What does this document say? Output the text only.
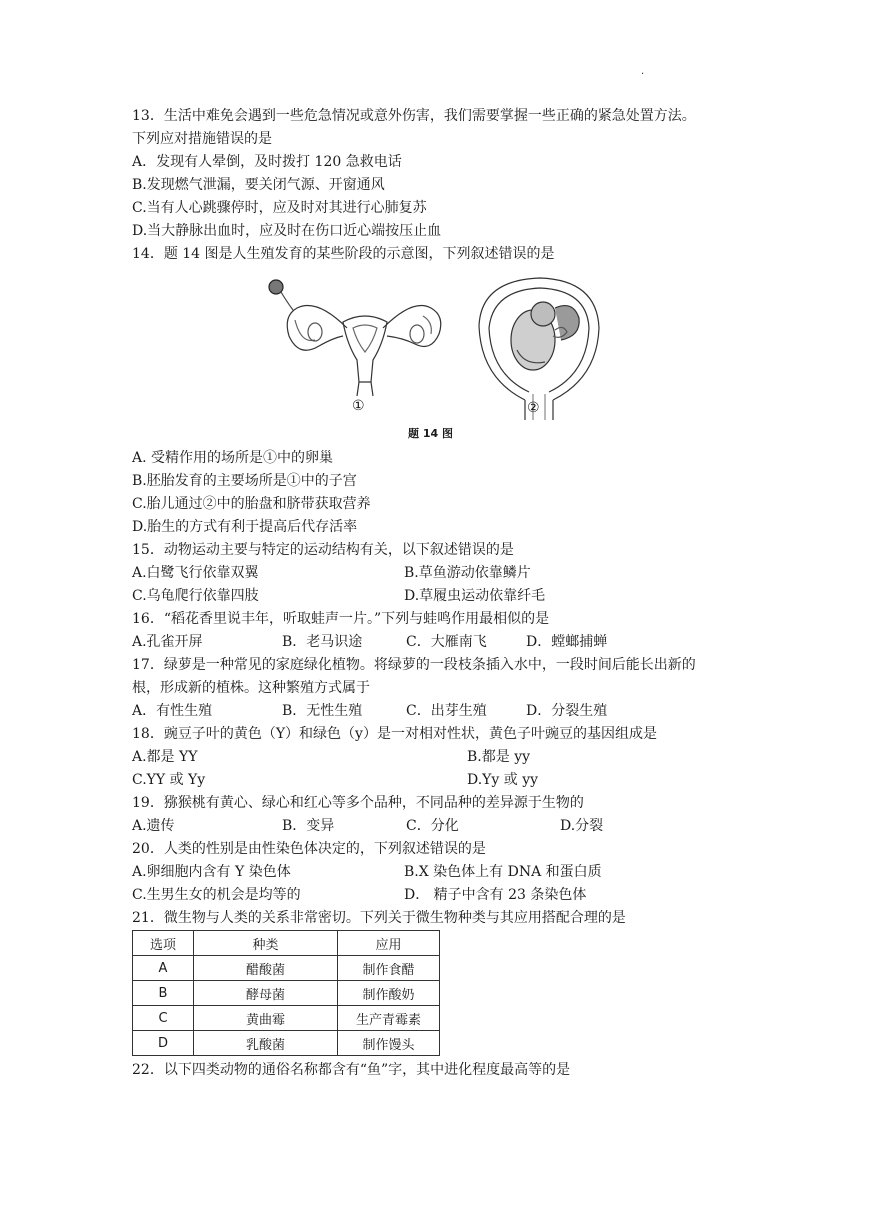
.
13．生活中难免会遇到一些危急情况或意外伤害，我们需要掌握一些正确的紧急处置方法。
下列应对措施错误的是
A．发现有人晕倒，及时拨打 120 急救电话
B.发现燃气泄漏，要关闭气源、开窗通风
C.当有人心跳骤停时，应及时对其进行心肺复苏
D.当大静脉出血时，应及时在伤口近心端按压止血
14．题 14 图是人生殖发育的某些阶段的示意图，下列叙述错误的是
①	②
题 14 图
A. 受精作用的场所是①中的卵巢
B.胚胎发育的主要场所是①中的子宫
C.胎儿通过②中的胎盘和脐带获取营养
D.胎生的方式有利于提高后代存活率
15．动物运动主要与特定的运动结构有关，以下叙述错误的是
A.白鹭飞行依靠双翼	B.草鱼游动依靠鳞片
C.乌龟爬行依靠四肢	D.草履虫运动依靠纤毛
16．“稻花香里说丰年，听取蛙声一片。”下列与蛙鸣作用最相似的是
A.孔雀开屏	B．老马识途	C．大雁南飞	D．螳螂捕蝉
17．绿萝是一种常见的家庭绿化植物。将绿萝的一段枝条插入水中，一段时间后能长出新的
根，形成新的植株。这种繁殖方式属于
A．有性生殖	B．无性生殖	C．出芽生殖	D．分裂生殖
18．豌豆子叶的黄色（Y）和绿色（y）是一对相对性状，黄色子叶豌豆的基因组成是
A.都是 YY	B.都是 yy
C.YY 或 Yy	D.Yy 或 yy
19．猕猴桃有黄心、绿心和红心等多个品种，不同品种的差异源于生物的
A.遗传	B．变异	C．分化	D.分裂
20．人类的性别是由性染色体决定的，下列叙述错误的是
A.卵细胞内含有 Y 染色体	B.X 染色体上有 DNA 和蛋白质
C.生男生女的机会是均等的	D． 精子中含有 23 条染色体
21．微生物与人类的关系非常密切。下列关于微生物种类与其应用搭配合理的是
选项	种类	应用
A	醋酸菌	制作食醋
B	酵母菌	制作酸奶
C	黄曲霉	生产青霉素
D	乳酸菌	制作馒头
22．以下四类动物的通俗名称都含有“鱼”字，其中进化程度最高等的是
